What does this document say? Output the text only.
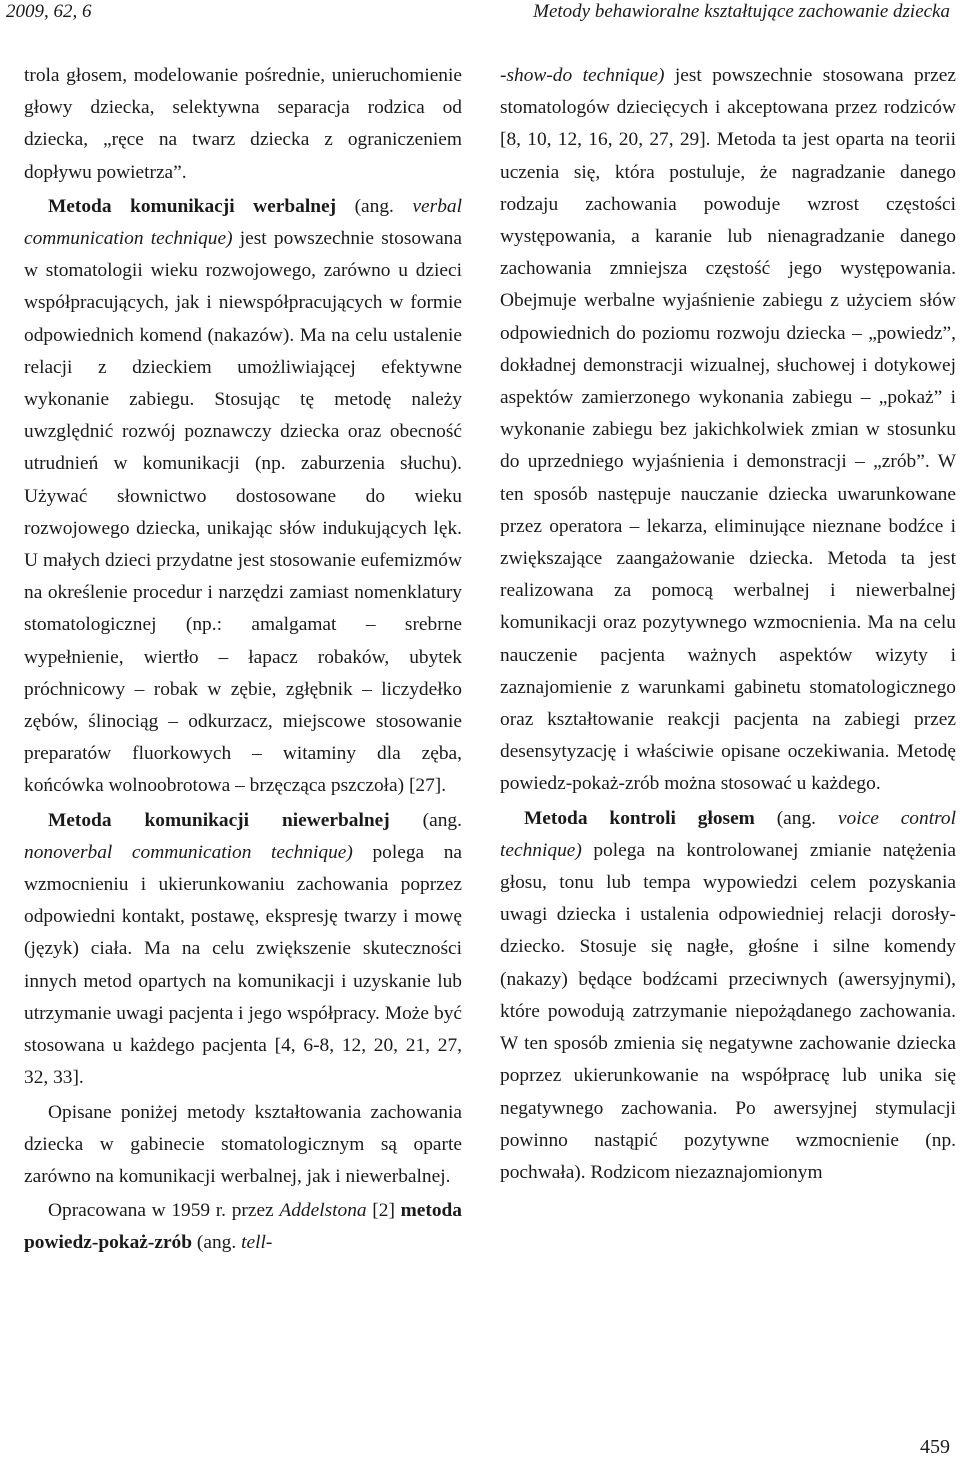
2009, 62, 6	Metody behawioralne kształtujące zachowanie dziecka

trola głosem, modelowanie pośrednie, unieruchomienie głowy dziecka, selektywna separacja rodzica od dziecka, „ręce na twarz dziecka z ograniczeniem dopływu powietrza”.

Metoda komunikacji werbalnej (ang. verbal communication technique) jest powszechnie stosowana w stomatologii wieku rozwojowego, zarówno u dzieci współpracujących, jak i niewspółpracujących w formie odpowiednich komend (nakazów). Ma na celu ustalenie relacji z dzieckiem umożliwiającej efektywne wykonanie zabiegu. Stosując tę metodę należy uwzględnić rozwój poznawczy dziecka oraz obecność utrudnień w komunikacji (np. zaburzenia słuchu). Używać słownictwo dostosowane do wieku rozwojowego dziecka, unikając słów indukujących lęk. U małych dzieci przydatne jest stosowanie eufemizmów na określenie procedur i narzędzi zamiast nomenklatury stomatologicznej (np.: amalgamat – srebrne wypełnienie, wiertło – łapacz robaków, ubytek próchnicowy – robak w zębie, zgłębnik – liczydełko zębów, ślinociąg – odkurzacz, miejscowe stosowanie preparatów fluorkowych – witaminy dla zęba, końcówka wolnoobrotowa – brzęcząca pszczoła) [27].

Metoda komunikacji niewerbalnej (ang. nonoverbal communication technique) polega na wzmocnieniu i ukierunkowaniu zachowania poprzez odpowiedni kontakt, postawę, ekspresję twarzy i mowę (język) ciała. Ma na celu zwiększenie skuteczności innych metod opartych na komunikacji i uzyskanie lub utrzymanie uwagi pacjenta i jego współpracy. Może być stosowana u każdego pacjenta [4, 6-8, 12, 20, 21, 27, 32, 33].

Opisane poniżej metody kształtowania zachowania dziecka w gabinecie stomatologicznym są oparte zarówno na komunikacji werbalnej, jak i niewerbalnej.

Opracowana w 1959 r. przez Addelstona [2] metoda powiedz-pokaż-zrób (ang. tell-

-show-do technique) jest powszechnie stosowana przez stomatologów dziecięcych i akceptowana przez rodziców [8, 10, 12, 16, 20, 27, 29]. Metoda ta jest oparta na teorii uczenia się, która postuluje, że nagradzanie danego rodzaju zachowania powoduje wzrost częstości występowania, a karanie lub nienagradzanie danego zachowania zmniejsza częstość jego występowania. Obejmuje werbalne wyjaśnienie zabiegu z użyciem słów odpowiednich do poziomu rozwoju dziecka – „powiedz”, dokładnej demonstracji wizualnej, słuchowej i dotykowej aspektów zamierzonego wykonania zabiegu – „pokaż” i wykonanie zabiegu bez jakichkolwiek zmian w stosunku do uprzedniego wyjaśnienia i demonstracji – „zrób”. W ten sposób następuje nauczanie dziecka uwarunkowane przez operatora – lekarza, eliminujące nieznane bodźce i zwiększające zaangażowanie dziecka. Metoda ta jest realizowana za pomocą werbalnej i niewerbalnej komunikacji oraz pozytywnego wzmocnienia. Ma na celu nauczenie pacjenta ważnych aspektów wizyty i zaznajomienie z warunkami gabinetu stomatologicznego oraz kształtowanie reakcji pacjenta na zabiegi przez desensytyzację i właściwie opisane oczekiwania. Metodę powiedz-pokaż-zrób można stosować u każdego.

Metoda kontroli głosem (ang. voice control technique) polega na kontrolowanej zmianie natężenia głosu, tonu lub tempa wypowiedzi celem pozyskania uwagi dziecka i ustalenia odpowiedniej relacji dorosły-dziecko. Stosuje się nagłe, głośne i silne komendy (nakazy) będące bodźcami przeciwnych (awersyjnymi), które powodują zatrzymanie niepożądanego zachowania. W ten sposób zmienia się negatywne zachowanie dziecka poprzez ukierunkowanie na współpracę lub unika się negatywnego zachowania. Po awersyjnej stymulacji powinno nastąpić pozytywne wzmocnienie (np. pochwała). Rodzicom niezaznajomionym

459
